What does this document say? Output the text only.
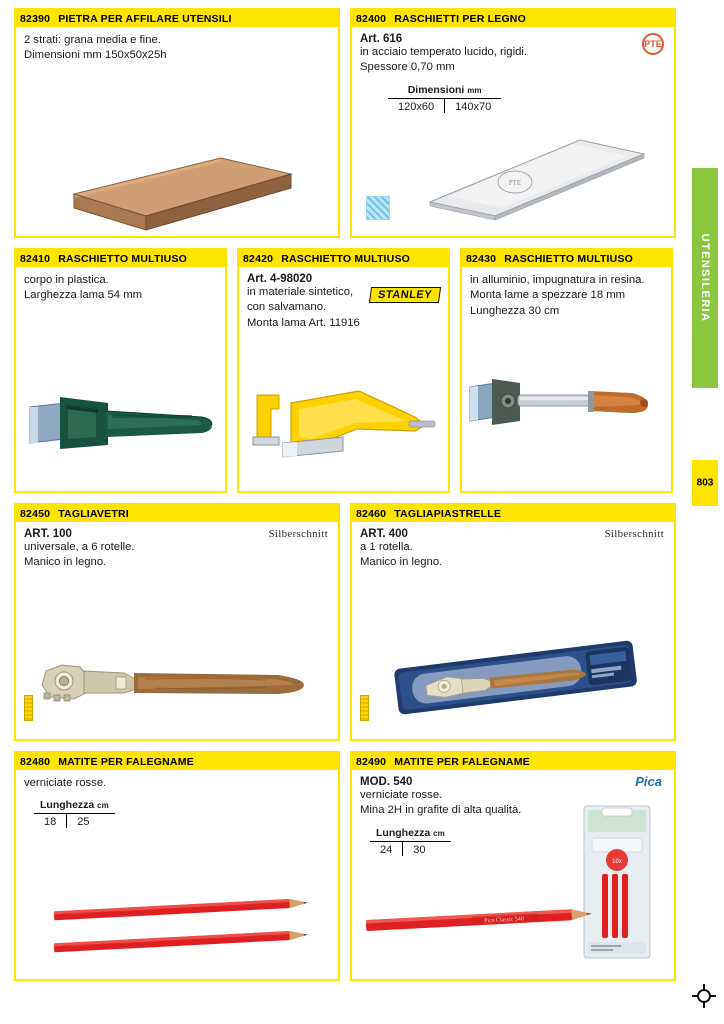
82390 PIETRA PER AFFILARE UTENSILI
2 strati: grana media e fine.
Dimensioni mm 150x50x25h
82400 RASCHIETTI PER LEGNO
Art. 616
in acciaio temperato lucido, rigidi.
Spessore 0,70 mm
PTE
Dimensioni mm
120x60	140x70
PTE
82410 RASCHIETTO MULTIUSO
corpo in plastica.
Larghezza lama 54 mm
82420 RASCHIETTO MULTIUSO
Art. 4-98020
in materiale sintetico,
con salvamano.
Monta lama Art. 11916
STANLEY
82430 RASCHIETTO MULTIUSO
in alluminio, impugnatura in resina.
Monta lame a spezzare 18 mm
Lunghezza 30 cm
82450 TAGLIAVETRI
ART. 100
universale, a 6 rotelle.
Manico in legno.
Silberschnitt
82460 TAGLIAPIASTRELLE
ART. 400
a 1 rotella.
Manico in legno.
Silberschnitt
82480 MATITE PER FALEGNAME
verniciate rosse.
Lunghezza cm
18	25
82490 MATITE PER FALEGNAME
MOD. 540
verniciate rosse.
Mina 2H in grafite di alta qualità.
Pica
Lunghezza cm
24	30
10x
Pica Classic 540
UTENSILERIA
803
